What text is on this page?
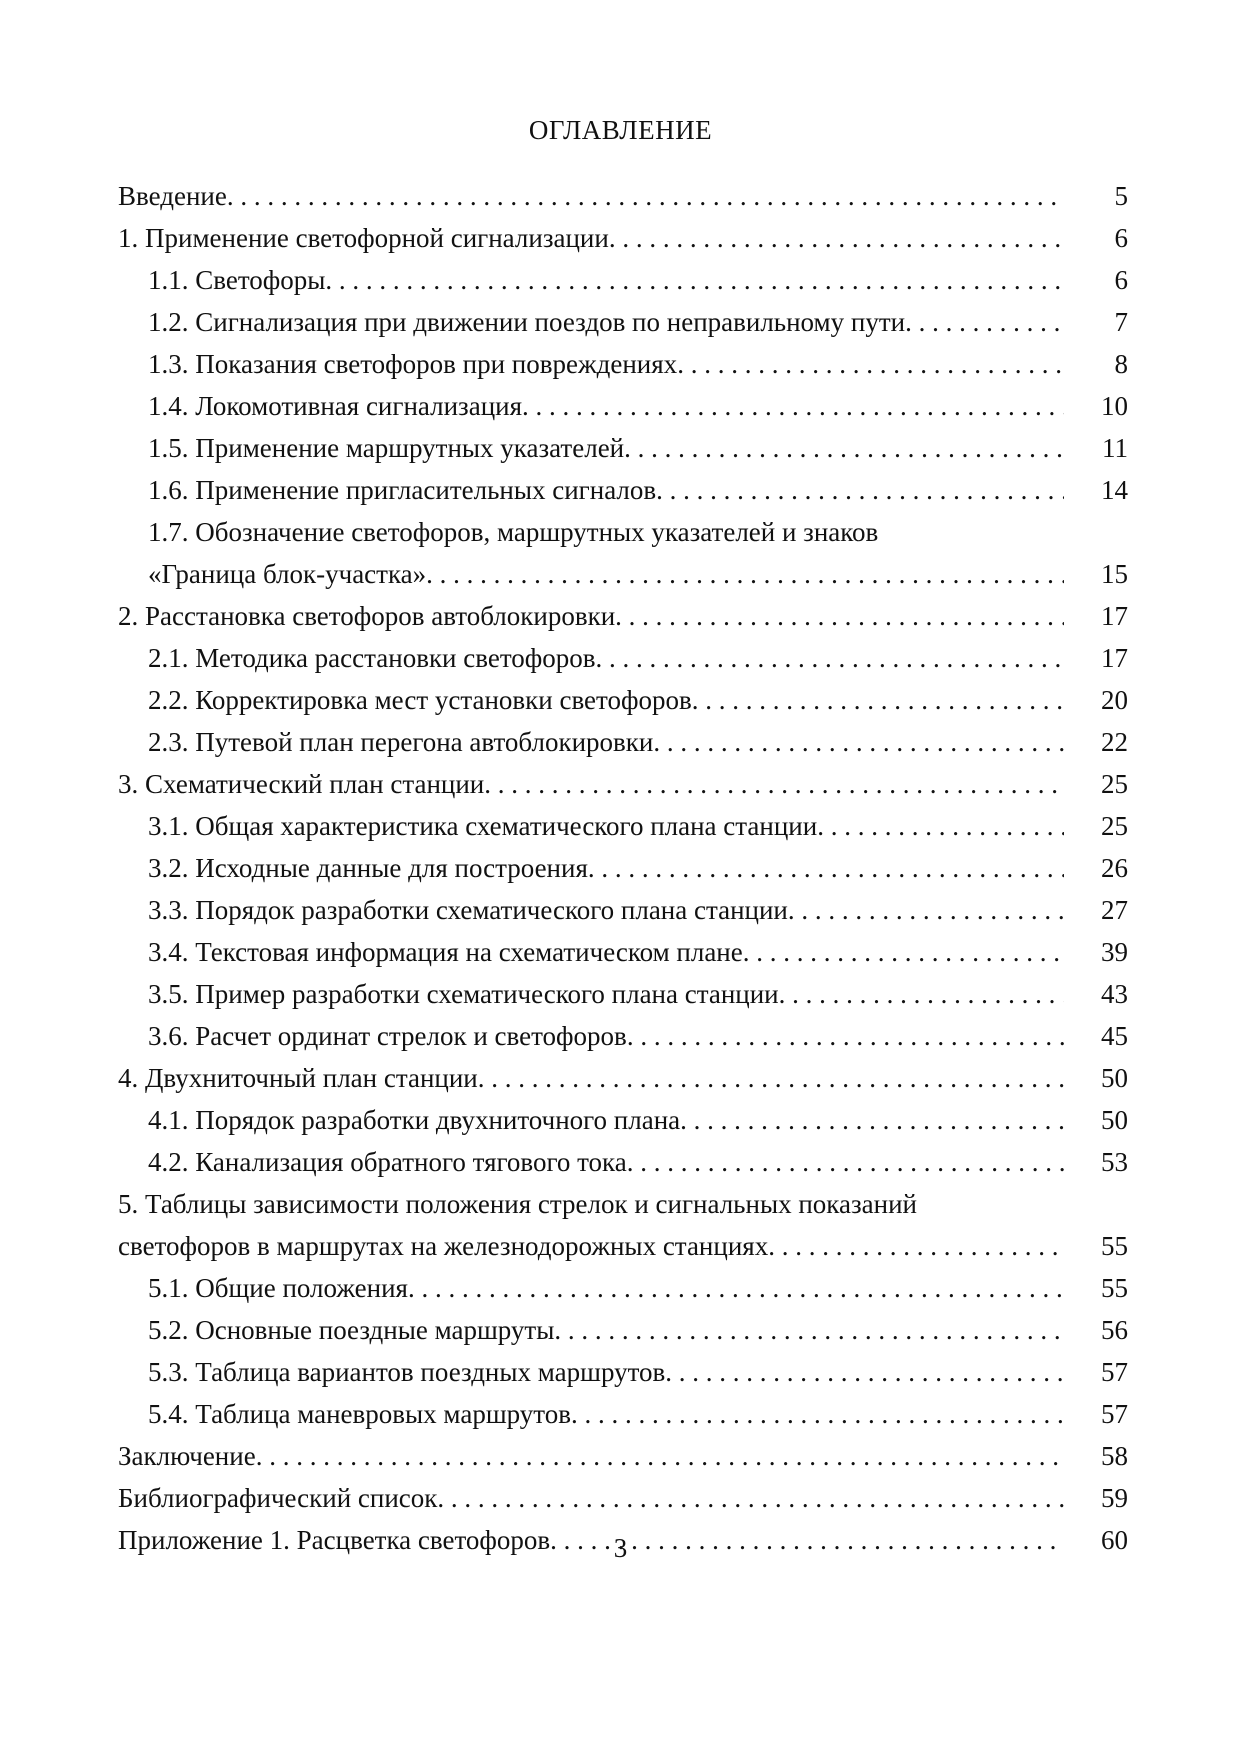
ОГЛАВЛЕНИЕ
Введение . . .	5
1. Применение светофорной сигнализации . . .	6
1.1. Светофоры . . .	6
1.2. Сигнализация при движении поездов по неправильному пути . . .	7
1.3. Показания светофоров при повреждениях . . .	8
1.4. Локомотивная сигнализация . . .	10
1.5. Применение маршрутных указателей . . .	11
1.6. Применение пригласительных сигналов . . .	14
1.7. Обозначение светофоров, маршрутных указателей и знаков
«Граница блок-участка» . . .	15
2. Расстановка светофоров автоблокировки . . .	17
2.1. Методика расстановки светофоров . . .	17
2.2. Корректировка мест установки светофоров . . .	20
2.3. Путевой план перегона автоблокировки . . .	22
3. Схематический план станции . . .	25
3.1. Общая характеристика схематического плана станции . . .	25
3.2. Исходные данные для построения . . .	26
3.3. Порядок разработки схематического плана станции . . .	27
3.4. Текстовая информация на схематическом плане . . .	39
3.5. Пример разработки схематического плана станции . . .	43
3.6. Расчет ординат стрелок и светофоров . . .	45
4. Двухниточный план станции . . .	50
4.1. Порядок разработки двухниточного плана . . .	50
4.2. Канализация обратного тягового тока . . .	53
5. Таблицы зависимости положения стрелок и сигнальных показаний
светофоров в маршрутах на железнодорожных станциях . . .	55
5.1. Общие положения . . .	55
5.2. Основные поездные маршруты . . .	56
5.3. Таблица вариантов поездных маршрутов . . .	57
5.4. Таблица маневровых маршрутов . . .	57
Заключение . . .	58
Библиографический список . . .	59
Приложение 1. Расцветка светофоров . . .	60
3
